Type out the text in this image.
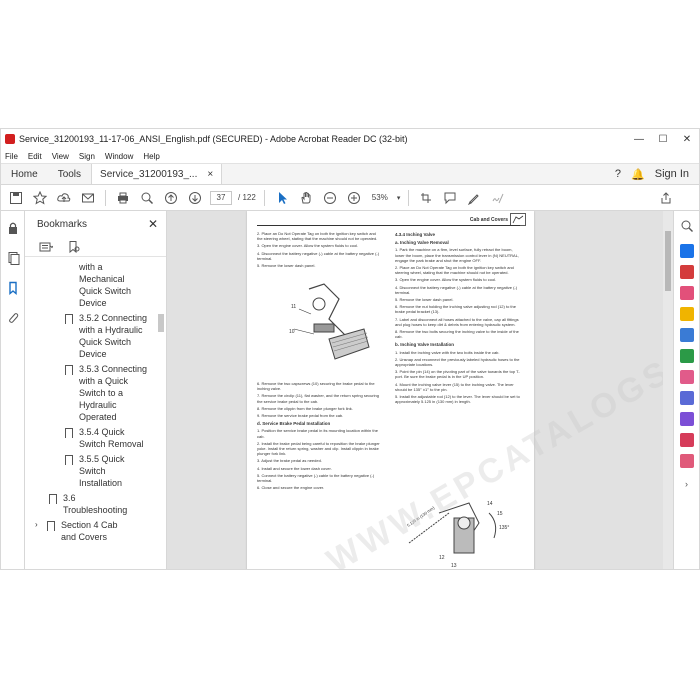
Service_31200193_11-17-06_ANSI_English.pdf (SECURED) - Adobe Acrobat Reader DC (32-bit)	—	☐	✕
File Edit View Sign Window Help
Home	Tools	Service_31200193_... ×	? 🔔 Sign In
37	/ 122	53%	▾
Bookmarks	✕
with a Mechanical Quick Switch Device
3.5.2 Connecting with a Hydraulic Quick Switch Device
3.5.3 Connecting with a Quick Switch to a Hydraulic Operated
3.5.4 Quick Switch Removal
3.5.5 Quick Switch Installation
3.6 Troubleshooting
›	Section 4 Cab and Covers
Cab and Covers

2. Place an Do Not Operate Tag on both the ignition key switch and the steering wheel, stating that the machine should not be operated.

3. Open the engine cover. Allow the system fluids to cool.

4. Disconnect the battery negative (-) cable at the battery negative (-) terminal.

5. Remove the lower dash panel.

11
10

6. Remove the two capscrews (10) securing the brake pedal to the inching valve.

7. Remove the circlip (11), flat washer, and the return spring securing the service brake pedal to the cab.

8. Remove the clippin from the brake plunger fork link.

9. Remove the service brake pedal from the cab.

d. Service Brake Pedal Installation

1. Position the service brake pedal in its mounting location within the cab.

2. Install the brake pedal being careful to reposition the brake plunger yoke. Install the return spring, washer and clip. Install clippin in brake plunger fork link.

3. Adjust the brake pedal as needed.

4. Install and secure the lower dash cover.

5. Connect the battery negative (-) cable to the battery negative (-) terminal.

6. Close and secure the engine cover.

4.3.4 Inching Valve
a. Inching Valve Removal

1. Park the machine on a firm, level surface, fully retract the boom, lower the boom, place the transmission control lever in (N) NEUTRAL, engage the park brake and shut the engine OFF.

2. Place an Do Not Operate Tag on both the ignition key switch and steering wheel, stating that the machine should not be operated.

3. Open the engine cover. Allow the system fluids to cool.

4. Disconnect the battery negative (-) cable at the battery negative (-) terminal.

5. Remove the lower dash panel.

6. Remove the nut holding the inching valve adjusting rod (12) to the brake pedal bracket (13).

7. Label and disconnect all hoses attached to the valve, cap all fittings and plug hoses to keep dirt & debris from entering hydraulic system.

8. Remove the two bolts securing the inching valve to the inside of the cab.

b. Inching Valve Installation

1. Install the inching valve with the two bolts inside the cab.

2. Unsnap and reconnect the previously labeled hydraulic hoses to the appropriate locations.

3. Point the pin (14) on the pivoting part of the valve towards the top T-port. Be sure the brake pedal is in the UP position.

4. Mount the inching valve lever (15) to the inching valve. The lever should be 135° ±1° to the pin.

5. Install the adjustable rod (12) to the lever. The lever should be set to approximately 5.125 in (130 mm) in length.

5.125 in (130 mm)
14
15
135°
12
13
›
